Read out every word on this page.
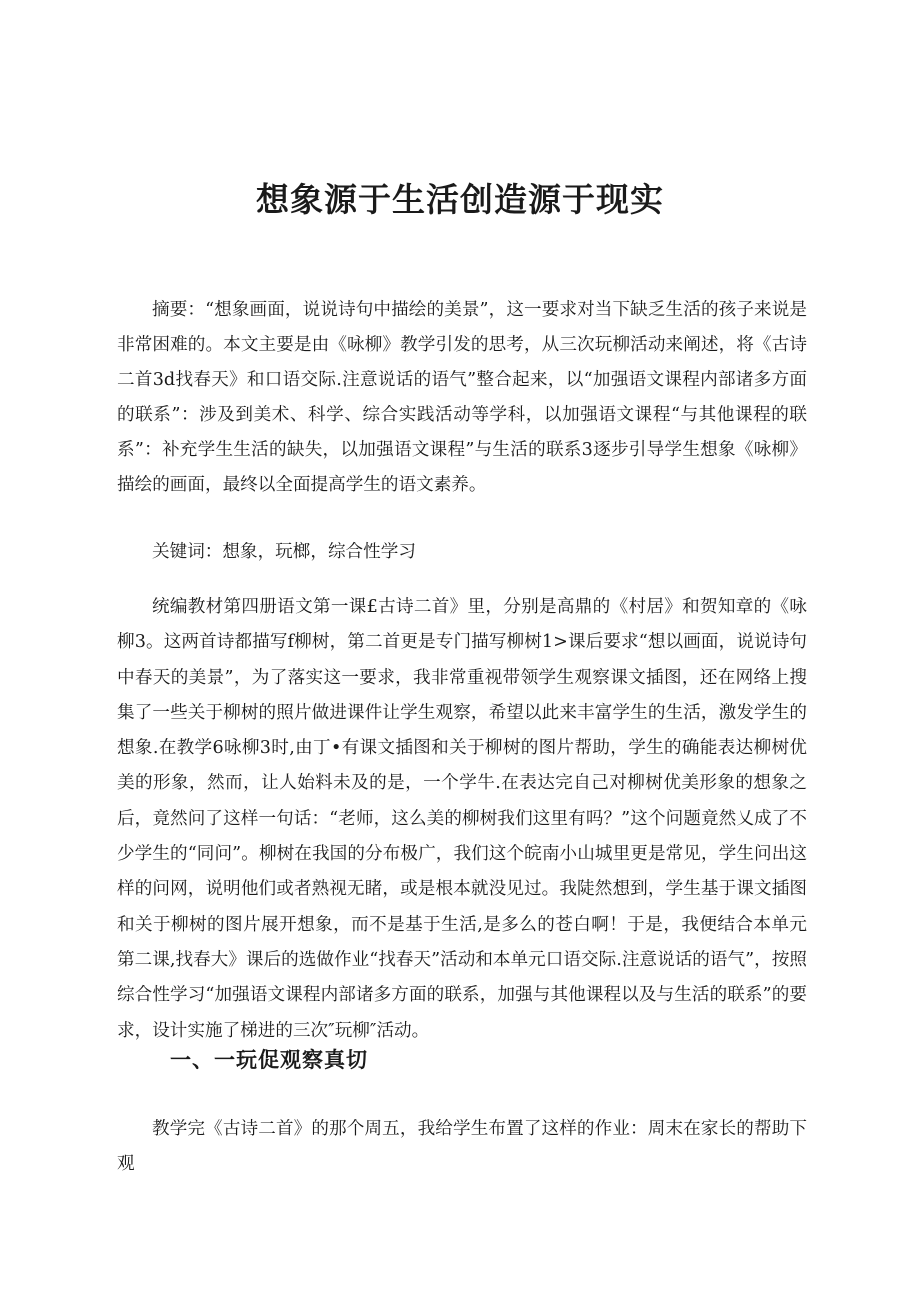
想象源于生活创造源于现实

摘要：“想象画面，说说诗句中描绘的美景”，这一要求对当下缺乏生活的孩子来说是非常困难的。本文主要是由《咏柳》教学引发的思考，从三次玩柳活动来阐述，将《古诗二首3d找春天》和口语交际.注意说话的语气”整合起来，以“加强语文课程内部诸多方面的联系”：涉及到美术、科学、综合实践活动等学科，以加强语文课程“与其他课程的联系”：补充学生生活的缺失，以加强语文课程”与生活的联系3逐步引导学生想象《咏柳》描绘的画面，最终以全面提高学生的语文素养。

关键词：想象，玩榔，综合性学习

统编教材第四册语文第一课£古诗二首》里，分别是高鼎的《村居》和贺知章的《咏柳3。这两首诗都描写f柳树，第二首更是专门描写柳树1>课后要求“想以画面，说说诗句中春天的美景”，为了落实这一要求，我非常重视带领学生观察课文插图，还在网络上搜集了一些关于柳树的照片做进课件让学生观察，希望以此来丰富学生的生活，激发学生的想象.在教学6咏柳3时,由丁•有课文插图和关于柳树的图片帮助，学生的确能表达柳树优美的形象，然而，让人始料未及的是，一个学牛.在表达完自己对柳树优美形象的想象之后，竟然问了这样一句话：“老师，这么美的柳树我们这里有吗？”这个问题竟然乂成了不少学生的“同问”。柳树在我国的分布极广，我们这个皖南小山城里更是常见，学生问出这样的问网，说明他们或者熟视无睹，或是根本就没见过。我陡然想到，学生基于课文插图和关于柳树的图片展开想象，而不是基于生活,是多么的苍白啊！于是，我便结合本单元第二课,找春大》课后的选做作业“找春天”活动和本单元口语交际.注意说话的语气”，按照综合性学习“加强语文课程内部诸多方面的联系，加强与其他课程以及与生活的联系”的要求，设计实施了梯进的三次″玩柳″活动。

一、一玩促观察真切

教学完《古诗二首》的那个周五，我给学生布置了这样的作业：周末在家长的帮助下观
